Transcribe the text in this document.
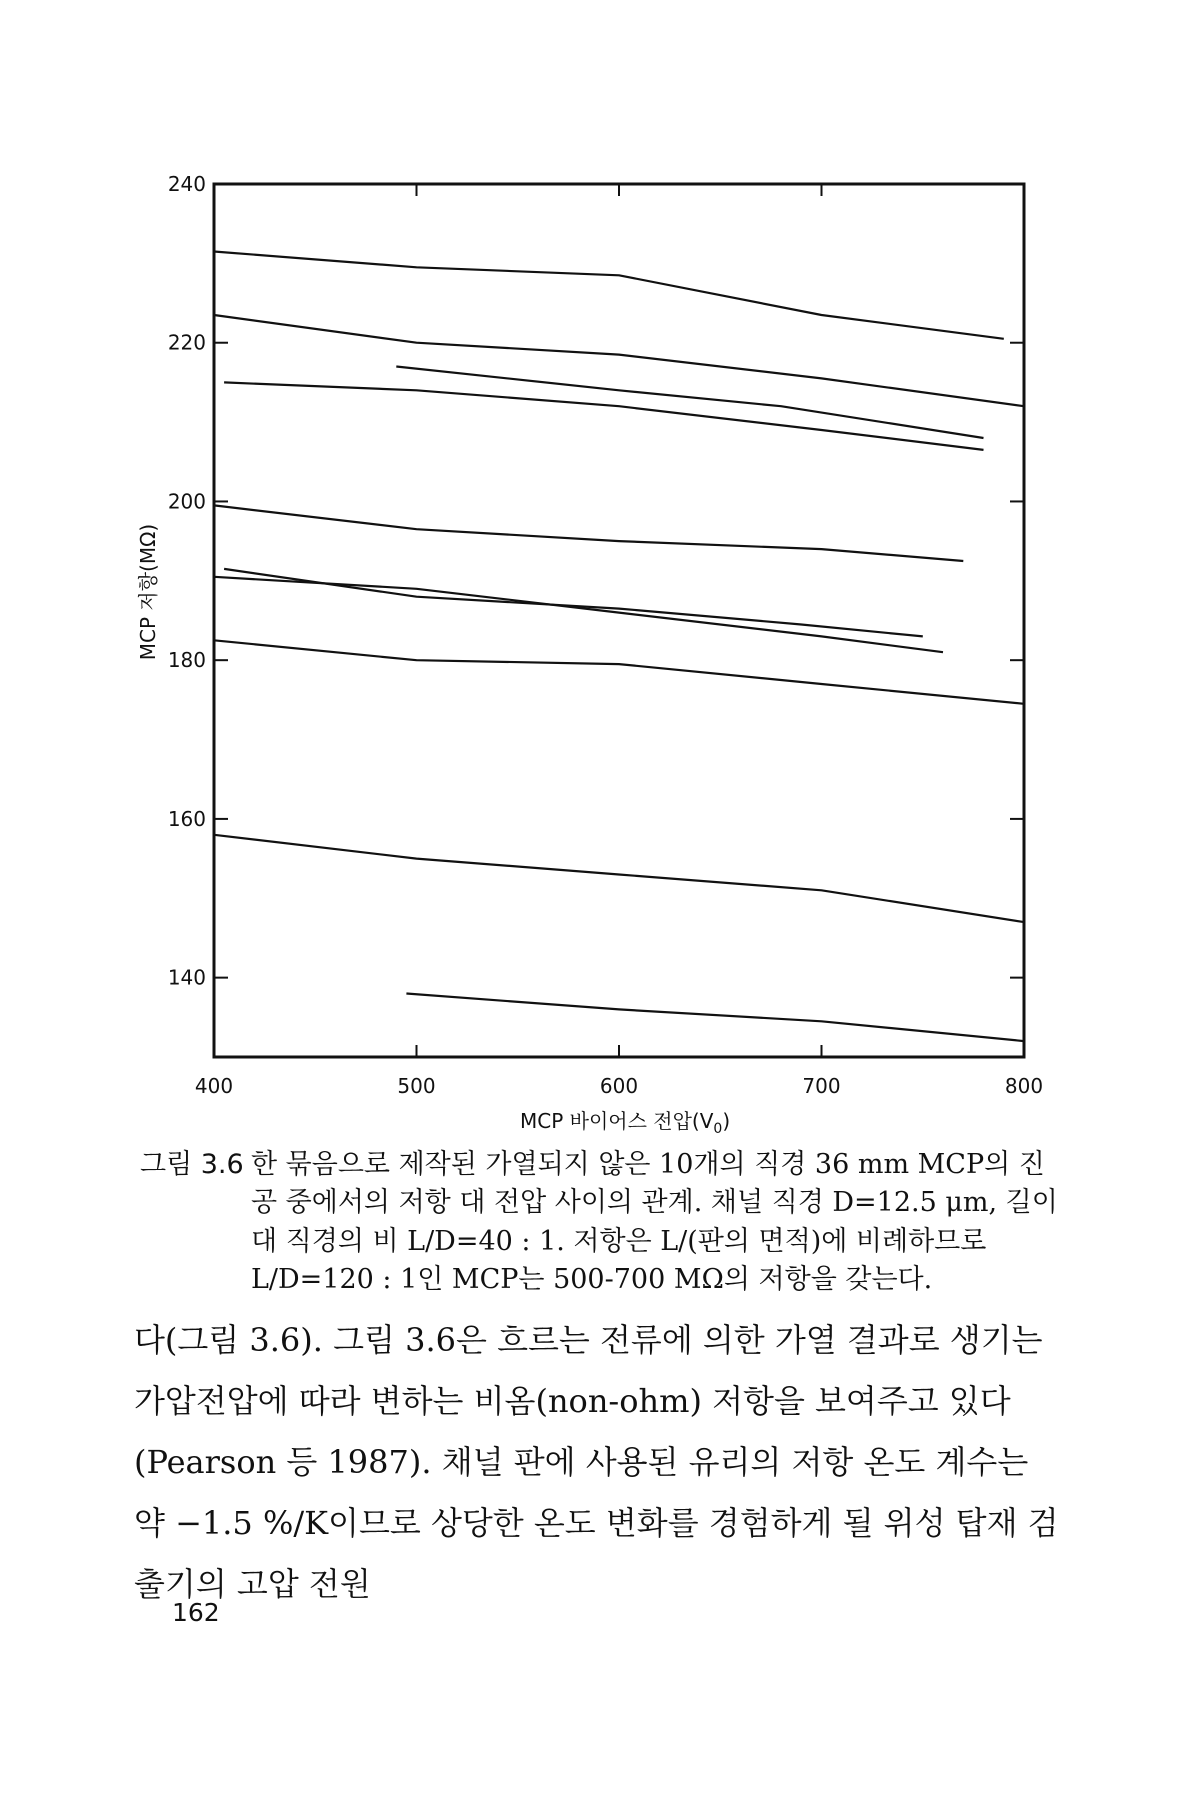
400	500	600	700	800
140
160
180
200
220
240
MCP 바이어스 전압$(V_0)$
MCP 저항(MΩ)
그림 3.6 한 묶음으로 제작된 가열되지 않은 10개의 직경 36 mm MCP의 진공 중에서의 저항 대 전압 사이의 관계. 채널 직경 D=12.5 μm, 길이 대 직경의 비 L/D=40 : 1. 저항은 L/(판의 면적)에 비례하므로 L/D=120 : 1인 MCP는 500-700 MΩ의 저항을 갖는다.
다(그림 3.6). 그림 3.6은 흐르는 전류에 의한 가열 결과로 생기는 가압전압에 따라 변하는 비옴(non-ohm) 저항을 보여주고 있다(Pearson 등 1987). 채널 판에 사용된 유리의 저항 온도 계수는 약 −1.5 %/K이므로 상당한 온도 변화를 경험하게 될 위성 탑재 검출기의 고압 전원
162
